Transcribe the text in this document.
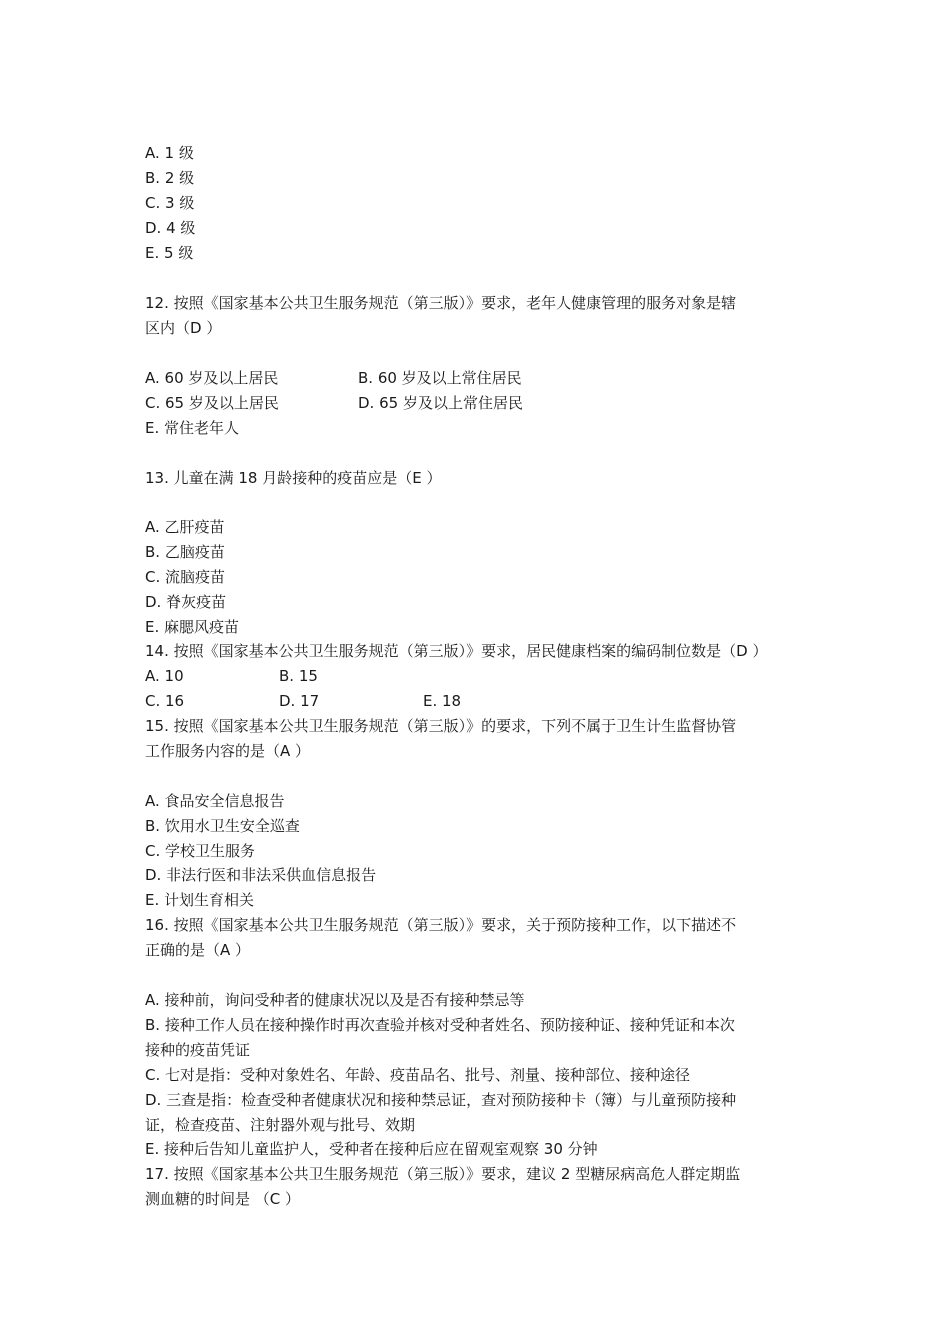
A. 1 级
B. 2 级
C. 3 级
D. 4 级
E. 5 级
12. 按照《国家基本公共卫生服务规范（第三版）》要求，老年人健康管理的服务对象是辖
区内（D ）
A. 60 岁及以上居民	B. 60 岁及以上常住居民
C. 65 岁及以上居民	D. 65 岁及以上常住居民
E. 常住老年人
13. 儿童在满 18 月龄接种的疫苗应是（E ）
A. 乙肝疫苗
B. 乙脑疫苗
C. 流脑疫苗
D. 脊灰疫苗
E. 麻腮风疫苗
14. 按照《国家基本公共卫生服务规范（第三版）》要求，居民健康档案的编码制位数是（D ）
A. 10	B. 15
C. 16	D. 17	E. 18
15. 按照《国家基本公共卫生服务规范（第三版）》的要求，下列不属于卫生计生监督协管
工作服务内容的是（A ）
A. 食品安全信息报告
B. 饮用水卫生安全巡查
C. 学校卫生服务
D. 非法行医和非法采供血信息报告
E. 计划生育相关
16. 按照《国家基本公共卫生服务规范（第三版）》要求，关于预防接种工作，以下描述不
正确的是（A ）
A. 接种前，询问受种者的健康状况以及是否有接种禁忌等
B. 接种工作人员在接种操作时再次查验并核对受种者姓名、预防接种证、接种凭证和本次
接种的疫苗凭证
C. 七对是指：受种对象姓名、年龄、疫苗品名、批号、剂量、接种部位、接种途径
D. 三查是指：检查受种者健康状况和接种禁忌证，查对预防接种卡（簿）与儿童预防接种
证，检查疫苗、注射器外观与批号、效期
E. 接种后告知儿童监护人，受种者在接种后应在留观室观察 30 分钟
17. 按照《国家基本公共卫生服务规范（第三版）》要求，建议 2 型糖尿病高危人群定期监
测血糖的时间是 （C ）
